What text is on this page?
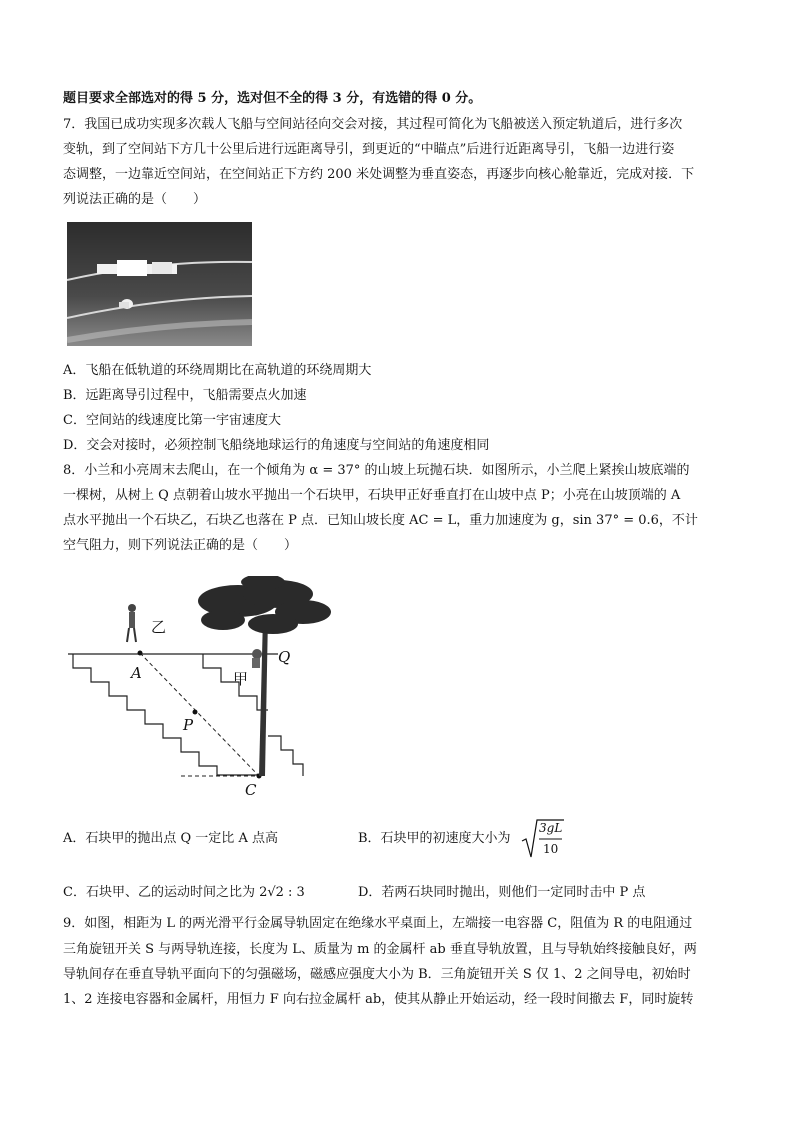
题目要求全部选对的得 5 分，选对但不全的得 3 分，有选错的得 0 分。
7．我国已成功实现多次载人飞船与空间站径向交会对接，其过程可简化为飞船被送入预定轨道后，进行多次
变轨，到了空间站下方几十公里后进行远距离导引，到更近的“中瞄点”后进行近距离导引，飞船一边进行姿
态调整，一边靠近空间站，在空间站正下方约 200 米处调整为垂直姿态，再逐步向核心舱靠近，完成对接．下
列说法正确的是（　　）
A．飞船在低轨道的环绕周期比在高轨道的环绕周期大
B．远距离导引过程中，飞船需要点火加速
C．空间站的线速度比第一宇宙速度大
D．交会对接时，必须控制飞船绕地球运行的角速度与空间站的角速度相同
8．小兰和小亮周末去爬山，在一个倾角为 α = 37° 的山坡上玩抛石块．如图所示，小兰爬上紧挨山坡底端的
一棵树，从树上 Q 点朝着山坡水平抛出一个石块甲，石块甲正好垂直打在山坡中点 P；小亮在山坡顶端的 A
点水平抛出一个石块乙，石块乙也落在 P 点．已知山坡长度 AC = L，重力加速度为 g，sin 37° = 0.6，不计
空气阻力，则下列说法正确的是（　　）
乙
甲
A
P
Q
C
A．石块甲的抛出点 Q 一定比 A 点高	B．石块甲的初速度大小为
3gL
10
C．石块甲、乙的运动时间之比为 2√2 : 3	D．若两石块同时抛出，则他们一定同时击中 P 点
9．如图，相距为 L 的两光滑平行金属导轨固定在绝缘水平桌面上，左端接一电容器 C，阻值为 R 的电阻通过
三角旋钮开关 S 与两导轨连接，长度为 L、质量为 m 的金属杆 ab 垂直导轨放置，且与导轨始终接触良好，两
导轨间存在垂直导轨平面向下的匀强磁场，磁感应强度大小为 B．三角旋钮开关 S 仅 1、2 之间导电，初始时
1、2 连接电容器和金属杆，用恒力 F 向右拉金属杆 ab，使其从静止开始运动，经一段时间撤去 F，同时旋转
